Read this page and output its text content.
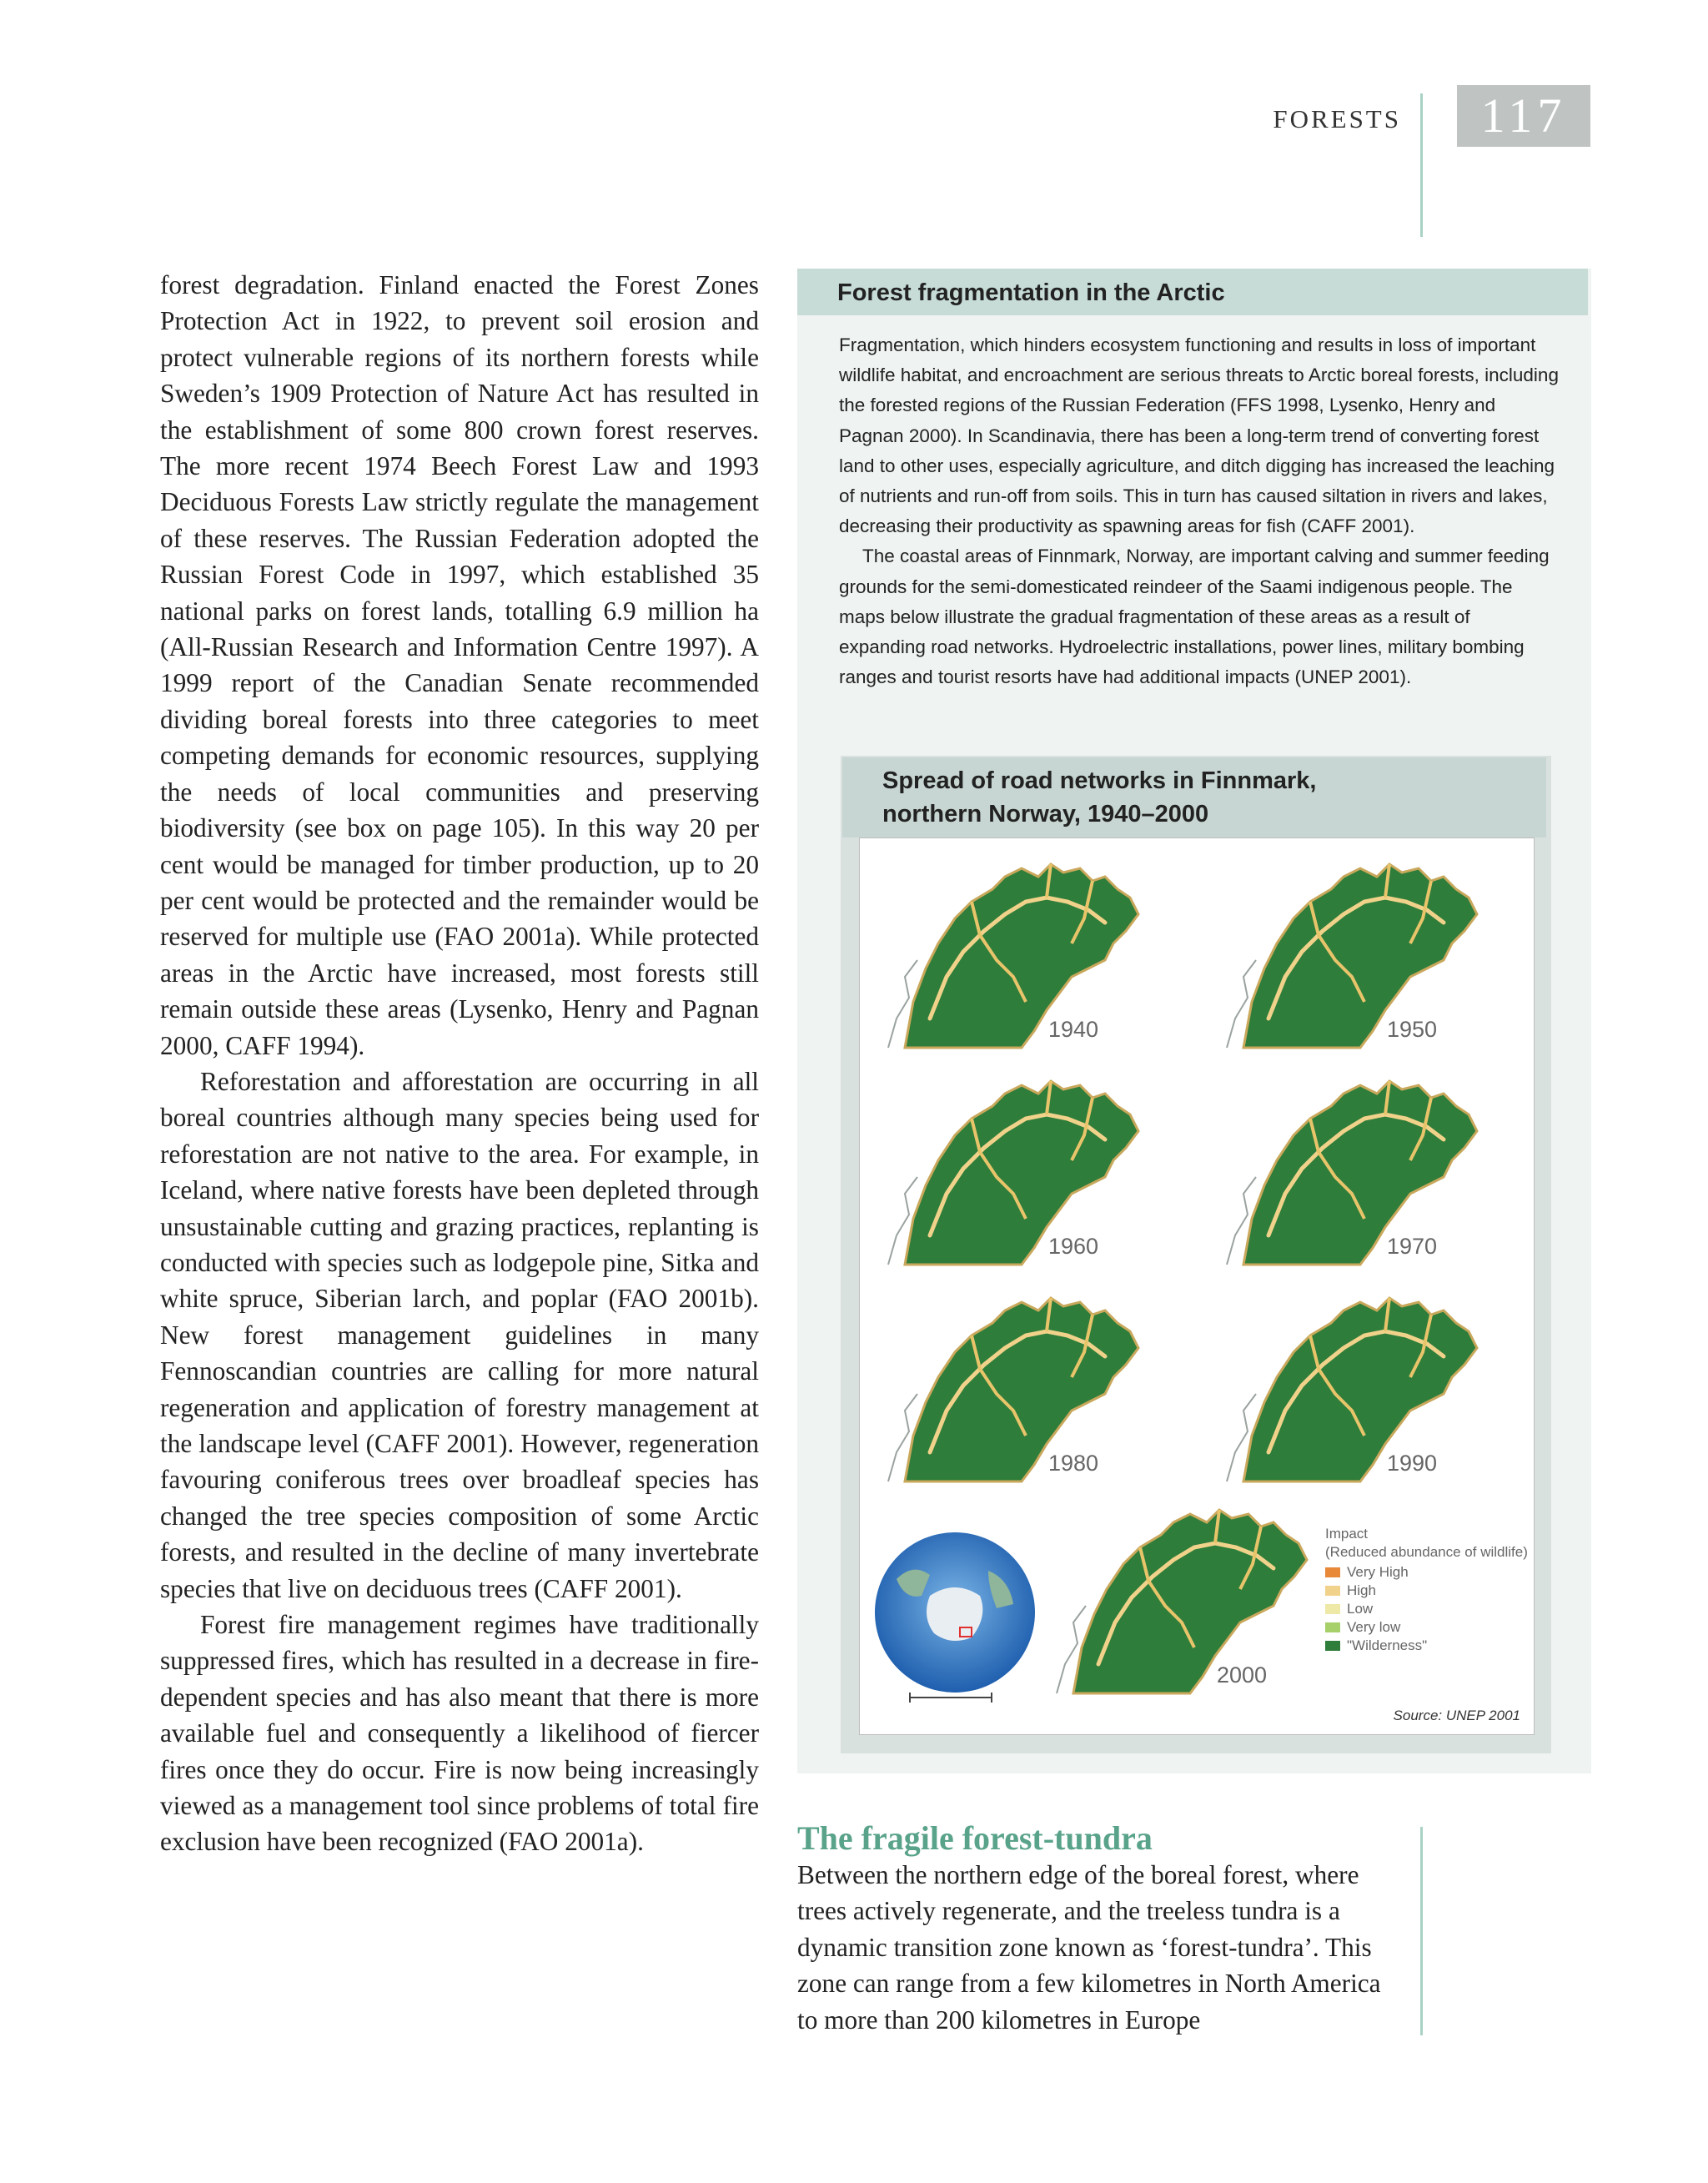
FORESTS	117

forest degradation. Finland enacted the Forest Zones Protection Act in 1922, to prevent soil erosion and protect vulnerable regions of its northern forests while Sweden’s 1909 Protection of Nature Act has resulted in the establishment of some 800 crown forest reserves. The more recent 1974 Beech Forest Law and 1993 Deciduous Forests Law strictly regulate the management of these reserves. The Russian Federation adopted the Russian Forest Code in 1997, which established 35 national parks on forest lands, totalling 6.9 million ha (All-Russian Research and Information Centre 1997). A 1999 report of the Canadian Senate recommended dividing boreal forests into three categories to meet competing demands for economic resources, supplying the needs of local communities and preserving biodiversity (see box on page 105). In this way 20 per cent would be managed for timber production, up to 20 per cent would be protected and the remainder would be reserved for multiple use (FAO 2001a). While protected areas in the Arctic have increased, most forests still remain outside these areas (Lysenko, Henry and Pagnan 2000, CAFF 1994).

Reforestation and afforestation are occurring in all boreal countries although many species being used for reforestation are not native to the area. For example, in Iceland, where native forests have been depleted through unsustainable cutting and grazing practices, replanting is conducted with species such as lodgepole pine, Sitka and white spruce, Siberian larch, and poplar (FAO 2001b). New forest management guidelines in many Fennoscandian countries are calling for more natural regeneration and application of forestry management at the landscape level (CAFF 2001). However, regeneration favouring coniferous trees over broadleaf species has changed the tree species composition of some Arctic forests, and resulted in the decline of many invertebrate species that live on deciduous trees (CAFF 2001).

Forest fire management regimes have traditionally suppressed fires, which has resulted in a decrease in fire-dependent species and has also meant that there is more available fuel and consequently a likelihood of fiercer fires once they do occur. Fire is now being increasingly viewed as a management tool since problems of total fire exclusion have been recognized (FAO 2001a).

Forest fragmentation in the Arctic

Fragmentation, which hinders ecosystem functioning and results in loss of important wildlife habitat, and encroachment are serious threats to Arctic boreal forests, including the forested regions of the Russian Federation (FFS 1998, Lysenko, Henry and Pagnan 2000). In Scandinavia, there has been a long-term trend of converting forest land to other uses, especially agriculture, and ditch digging has increased the leaching of nutrients and run-off from soils. This in turn has caused siltation in rivers and lakes, decreasing their productivity as spawning areas for fish (CAFF 2001).

The coastal areas of Finnmark, Norway, are important calving and summer feeding grounds for the semi-domesticated reindeer of the Saami indigenous people. The maps below illustrate the gradual fragmentation of these areas as a result of expanding road networks. Hydroelectric installations, power lines, military bombing ranges and tourist resorts have had additional impacts (UNEP 2001).

Spread of road networks in Finnmark,
northern Norway, 1940–2000
1940	1950
1960	1970
1980	1990
2000
Impact
(Reduced abundance of wildlife)
Very High
High
Low
Very low
"Wilderness"
Source: UNEP 2001
The fragile forest-tundra
Between the northern edge of the boreal forest, where trees actively regenerate, and the treeless tundra is a dynamic transition zone known as ‘forest-tundra’. This zone can range from a few kilometres in North America to more than 200 kilometres in Europe
